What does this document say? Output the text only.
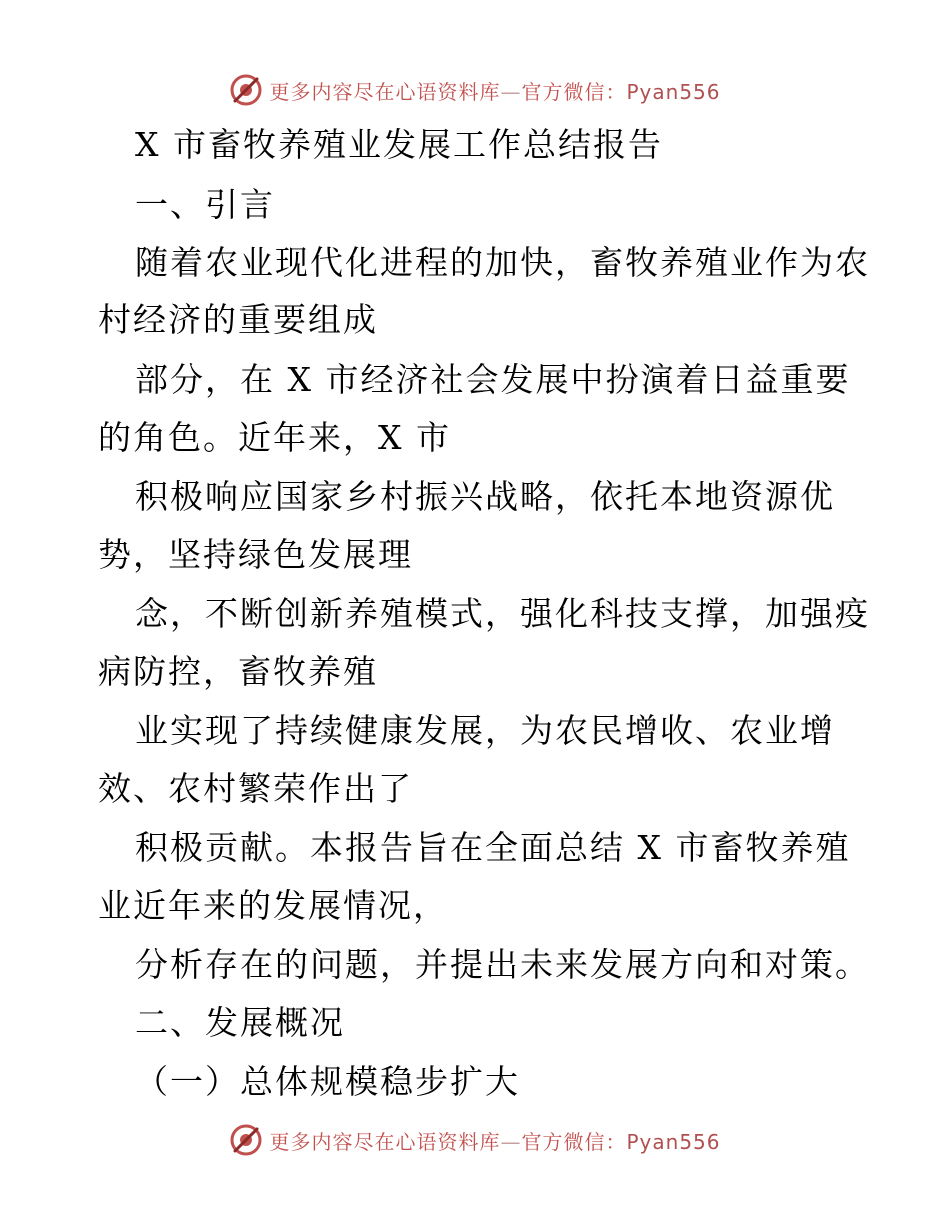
更多内容尽在心语资料库—官方微信：Pyan556
X 市畜牧养殖业发展工作总结报告
一、引言
随着农业现代化进程的加快，畜牧养殖业作为农
村经济的重要组成
部分，在 X 市经济社会发展中扮演着日益重要
的角色。近年来，X 市
积极响应国家乡村振兴战略，依托本地资源优
势，坚持绿色发展理
念，不断创新养殖模式，强化科技支撑，加强疫
病防控，畜牧养殖
业实现了持续健康发展，为农民增收、农业增
效、农村繁荣作出了
积极贡献。本报告旨在全面总结 X 市畜牧养殖
业近年来的发展情况，
分析存在的问题，并提出未来发展方向和对策。
二、发展概况
（一）总体规模稳步扩大
更多内容尽在心语资料库—官方微信：Pyan556
